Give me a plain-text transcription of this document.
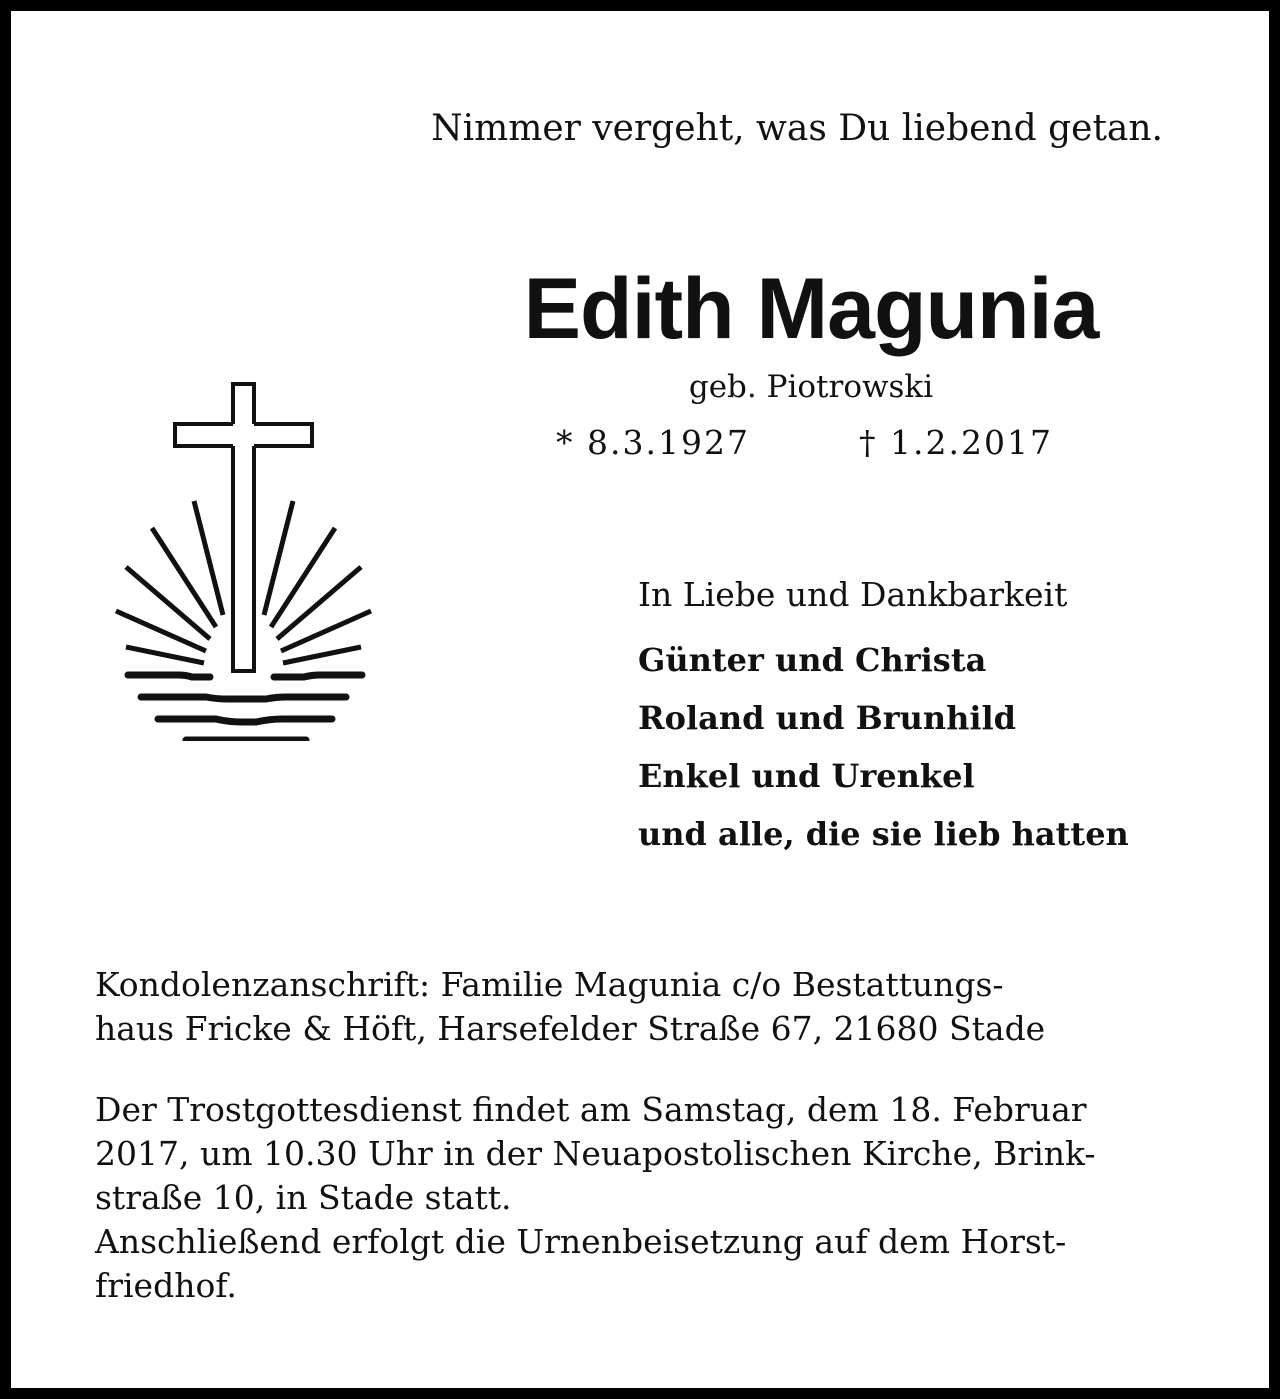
Nimmer vergeht, was Du liebend getan.
Edith Magunia
geb. Piotrowski
* 8.3.1927	† 1.2.2017
In Liebe und Dankbarkeit
Günter und Christa
Roland und Brunhild
Enkel und Urenkel
und alle, die sie lieb hatten

Kondolenzanschrift: Familie Magunia c/o Bestattungs-
haus Fricke & Höft, Harsefelder Straße 67, 21680 Stade

Der Trostgottesdienst findet am Samstag, dem 18. Februar
2017, um 10.30 Uhr in der Neuapostolischen Kirche, Brink-
straße 10, in Stade statt.

Anschließend erfolgt die Urnenbeisetzung auf dem Horst-
friedhof.
